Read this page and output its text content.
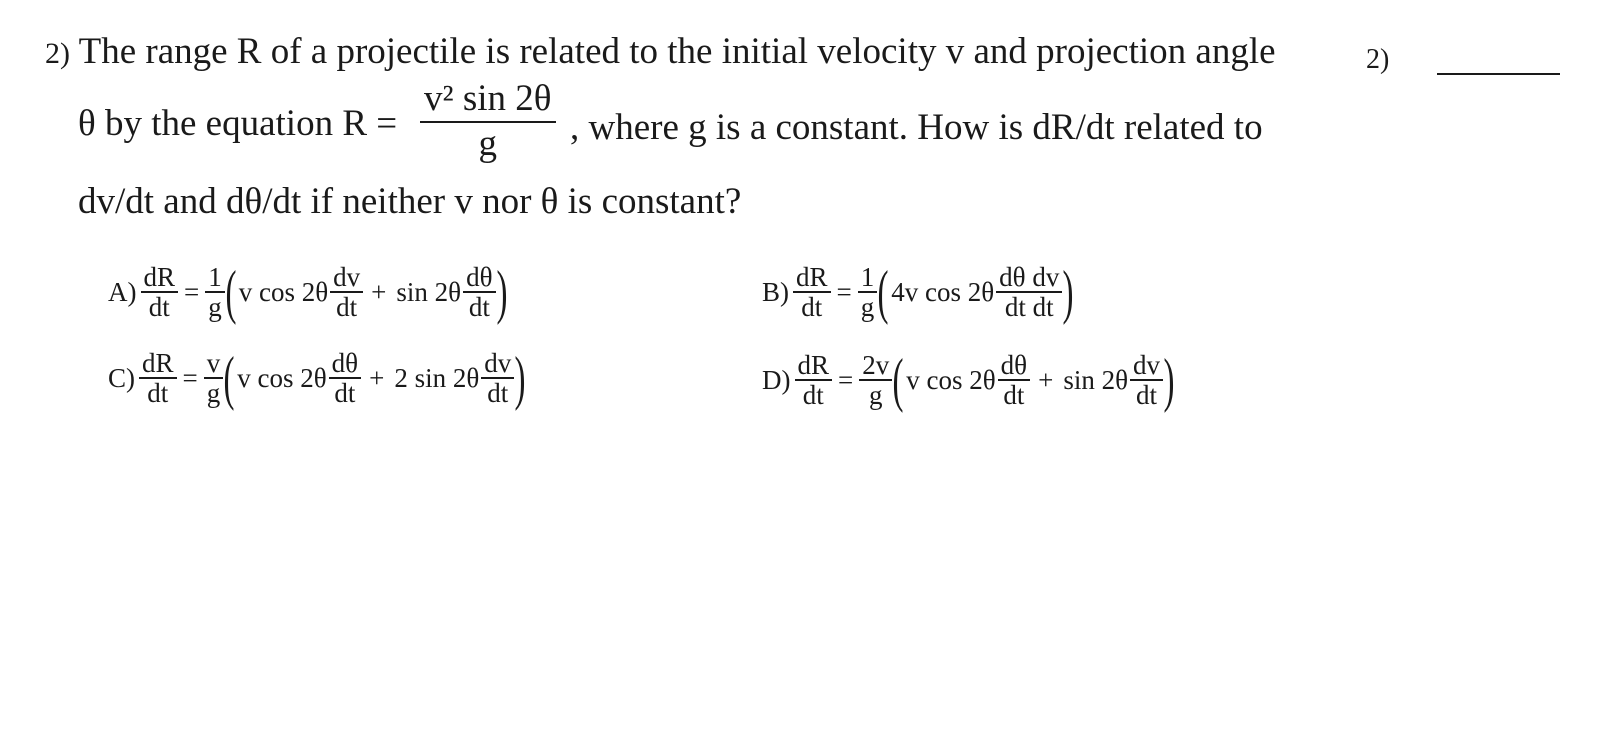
2) The range R of a projectile is related to the initial velocity v and projection angle
θ by the equation R =
v² sin 2θ
g , where g is a constant. How is dR/dt related to
dv/dt and dθ/dt if neither v nor θ is constant?
2)
$A) \frac{dR}{dt} = \frac{1}{g}$ ( v $\cos 2\theta \frac{dv}{dt} + \sin 2\theta \frac{d\theta}{dt}$ )	$B) \frac{dR}{dt} = \frac{1}{g}$ ( 4v $\cos 2\theta \frac{\text{dθ dv}}{\text{dt dt}}$ )
$C) \frac{dR}{dt} = \frac{v}{g}$ ( v $\cos 2\theta \frac{d\theta}{dt} + 2$ $\sin 2\theta \frac{dv}{dt}$ )	$D) \frac{dR}{dt} = \frac{2v}{g}$ ( v $\cos 2\theta \frac{d\theta}{dt} + \sin 2\theta \frac{dv}{dt}$ )
